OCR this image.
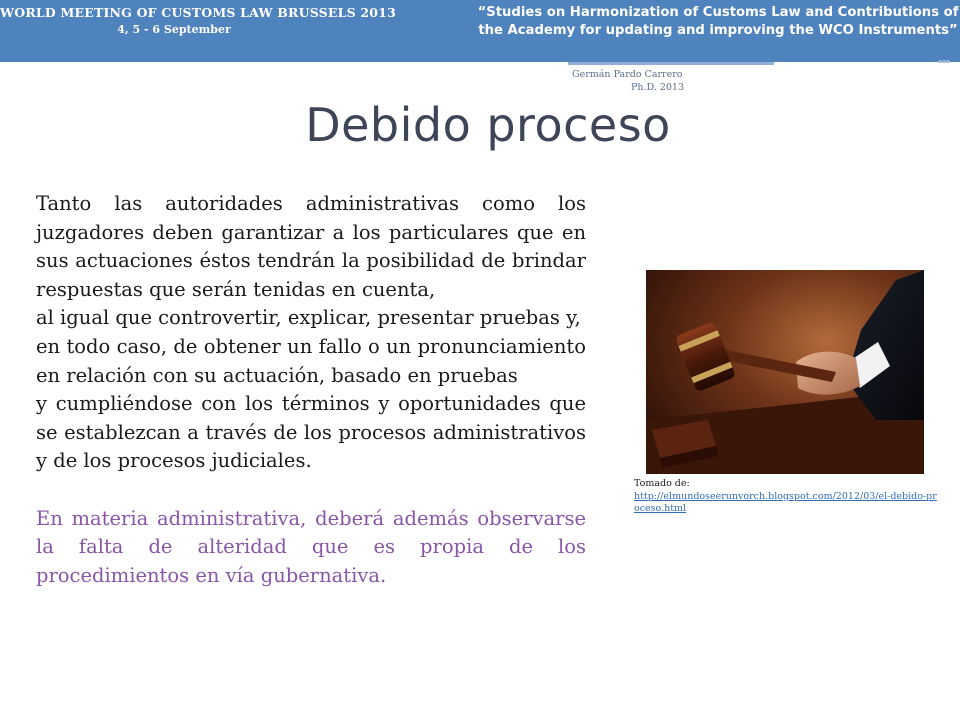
WORLD MEETING OF CUSTOMS LAW BRUSSELS 2013
4, 5 - 6 September
“Studies on Harmonization of Customs Law and Contributions of
the Academy for updating and improving the WCO Instruments”
▪▪▪
Germán Pardo Carrero
Ph.D. 2013
Debido proceso

Tanto las autoridades administrativas como los juzgadores deben garantizar a los particulares que en sus actuaciones éstos tendrán la posibilidad de brindar respuestas que serán tenidas en cuenta,

al igual que controvertir, explicar, presentar pruebas y,

en todo caso, de obtener un fallo o un pronunciamiento en relación con su actuación, basado en pruebas

y cumpliéndose con los términos y oportunidades que se establezcan a través de los procesos administrativos y de los procesos judiciales.

En materia administrativa, deberá además observarse la falta de alteridad que es propia de los procedimientos en vía gubernativa.

Tomado de:
http://elmundoseerunvorch.blogspot.com/2012/03/el-debido-proceso.html
